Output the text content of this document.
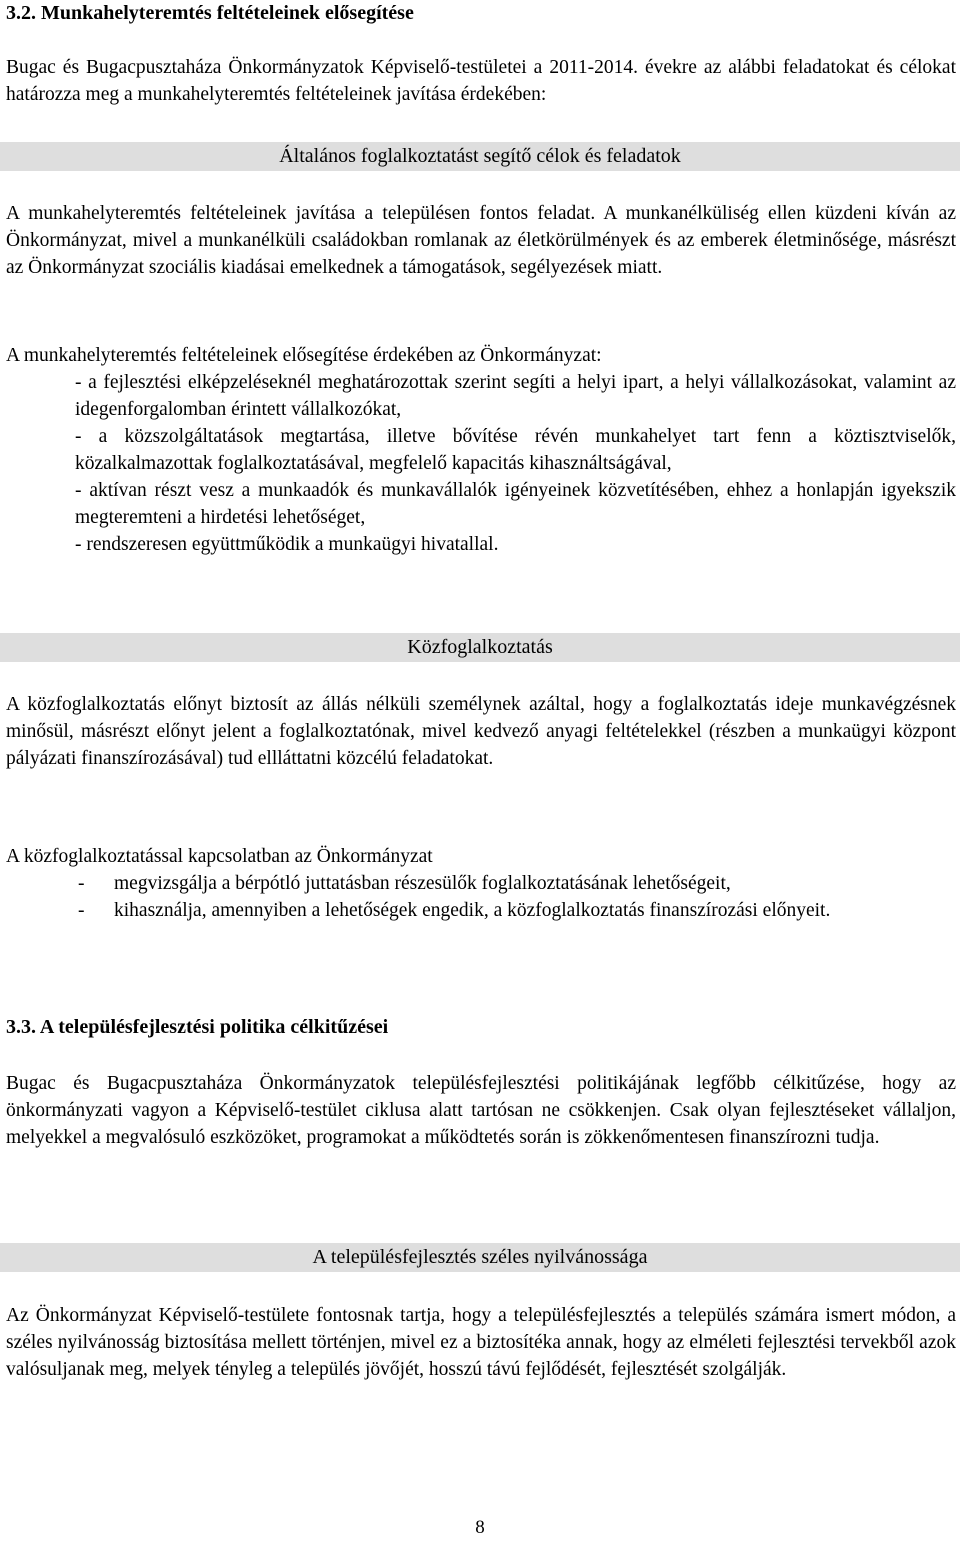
3.2. Munkahelyteremtés feltételeinek elősegítése

Bugac és Bugacpusztaháza Önkormányzatok Képviselő-testületei a 2011-2014. évekre az alábbi feladatokat és célokat határozza meg a munkahelyteremtés feltételeinek javítása érdekében:

Általános foglalkoztatást segítő célok és feladatok

A munkahelyteremtés feltételeinek javítása a településen fontos feladat. A munkanélküliség ellen küzdeni kíván az Önkormányzat, mivel a munkanélküli családokban romlanak az életkörülmények és az emberek életminősége, másrészt az Önkormányzat szociális kiadásai emelkednek a támogatások, segélyezések miatt.

A munkahelyteremtés feltételeinek elősegítése érdekében az Önkormányzat:

- a fejlesztési elképzeléseknél meghatározottak szerint segíti a helyi ipart, a helyi vállalkozásokat, valamint az idegenforgalomban érintett vállalkozókat,
- a közszolgáltatások megtartása, illetve bővítése révén munkahelyet tart fenn a köztisztviselők, közalkalmazottak foglalkoztatásával, megfelelő kapacitás kihasználtságával,
- aktívan részt vesz a munkaadók és munkavállalók igényeinek közvetítésében, ehhez a honlapján igyekszik megteremteni a hirdetési lehetőséget,
- rendszeresen együttműködik a munkaügyi hivatallal.
Közfoglalkoztatás

A közfoglalkoztatás előnyt biztosít az állás nélküli személynek azáltal, hogy a foglalkoztatás ideje munkavégzésnek minősül, másrészt előnyt jelent a foglalkoztatónak, mivel kedvező anyagi feltételekkel (részben a munkaügyi központ pályázati finanszírozásával) tud ellláttatni közcélú feladatokat.

A közfoglalkoztatással kapcsolatban az Önkormányzat

- megvizsgálja a bérpótló juttatásban részesülők foglalkoztatásának lehetőségeit,
- kihasználja, amennyiben a lehetőségek engedik, a közfoglalkoztatás finanszírozási előnyeit.
3.3. A településfejlesztési politika célkitűzései

Bugac és Bugacpusztaháza Önkormányzatok településfejlesztési politikájának legfőbb célkitűzése, hogy az önkormányzati vagyon a Képviselő-testület ciklusa alatt tartósan ne csökkenjen. Csak olyan fejlesztéseket vállaljon, melyekkel a megvalósuló eszközöket, programokat a működtetés során is zökkenőmentesen finanszírozni tudja.

A településfejlesztés széles nyilvánossága

Az Önkormányzat Képviselő-testülete fontosnak tartja, hogy a településfejlesztés a település számára ismert módon, a széles nyilvánosság biztosítása mellett történjen, mivel ez a biztosítéka annak, hogy az elméleti fejlesztési tervekből azok valósuljanak meg, melyek tényleg a település jövőjét, hosszú távú fejlődését, fejlesztését szolgálják.

8
